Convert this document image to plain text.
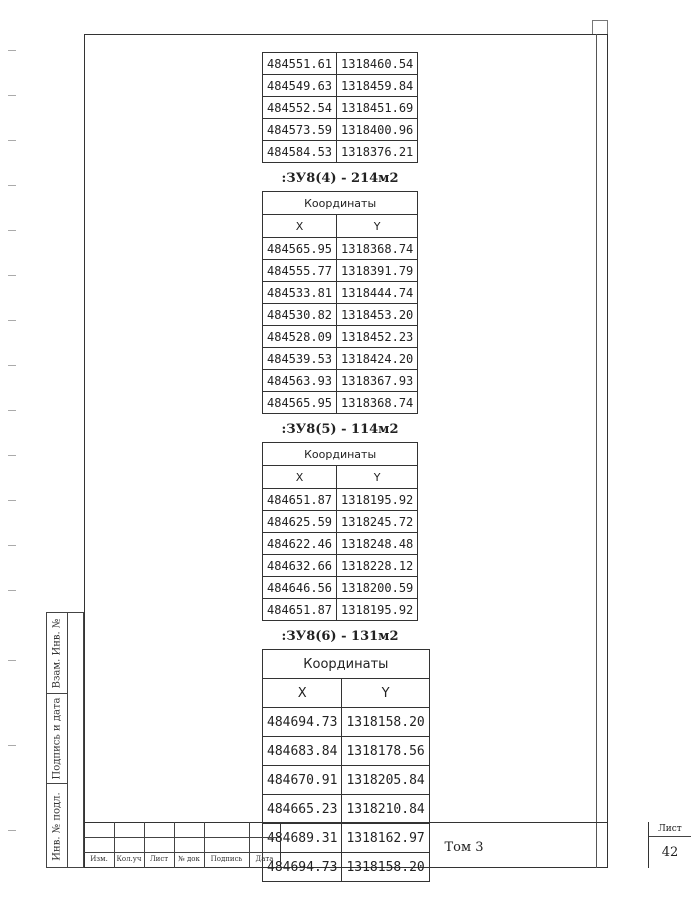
484551.61	1318460.54
484549.63	1318459.84
484552.54	1318451.69
484573.59	1318400.96
484584.53	1318376.21
:ЗУ8(4) - 214м2
Координаты	
X	Y
484565.95	1318368.74
484555.77	1318391.79
484533.81	1318444.74
484530.82	1318453.20
484528.09	1318452.23
484539.53	1318424.20
484563.93	1318367.93
484565.95	1318368.74
:ЗУ8(5) - 114м2
Координаты	
X	Y
484651.87	1318195.92
484625.59	1318245.72
484622.46	1318248.48
484632.66	1318228.12
484646.56	1318200.59
484651.87	1318195.92
:ЗУ8(6) - 131м2
Координаты	
X	Y
484694.73	1318158.20
484683.84	1318178.56
484670.91	1318205.84
484665.23	1318210.84
484689.31	1318162.97
484694.73	1318158.20
Взам. Инв. №
Подпись и дата
Инв. № подл.	Изм.	Кол.уч	Лист	№ док	Подпись	Дата
Том 3
Лист
42
